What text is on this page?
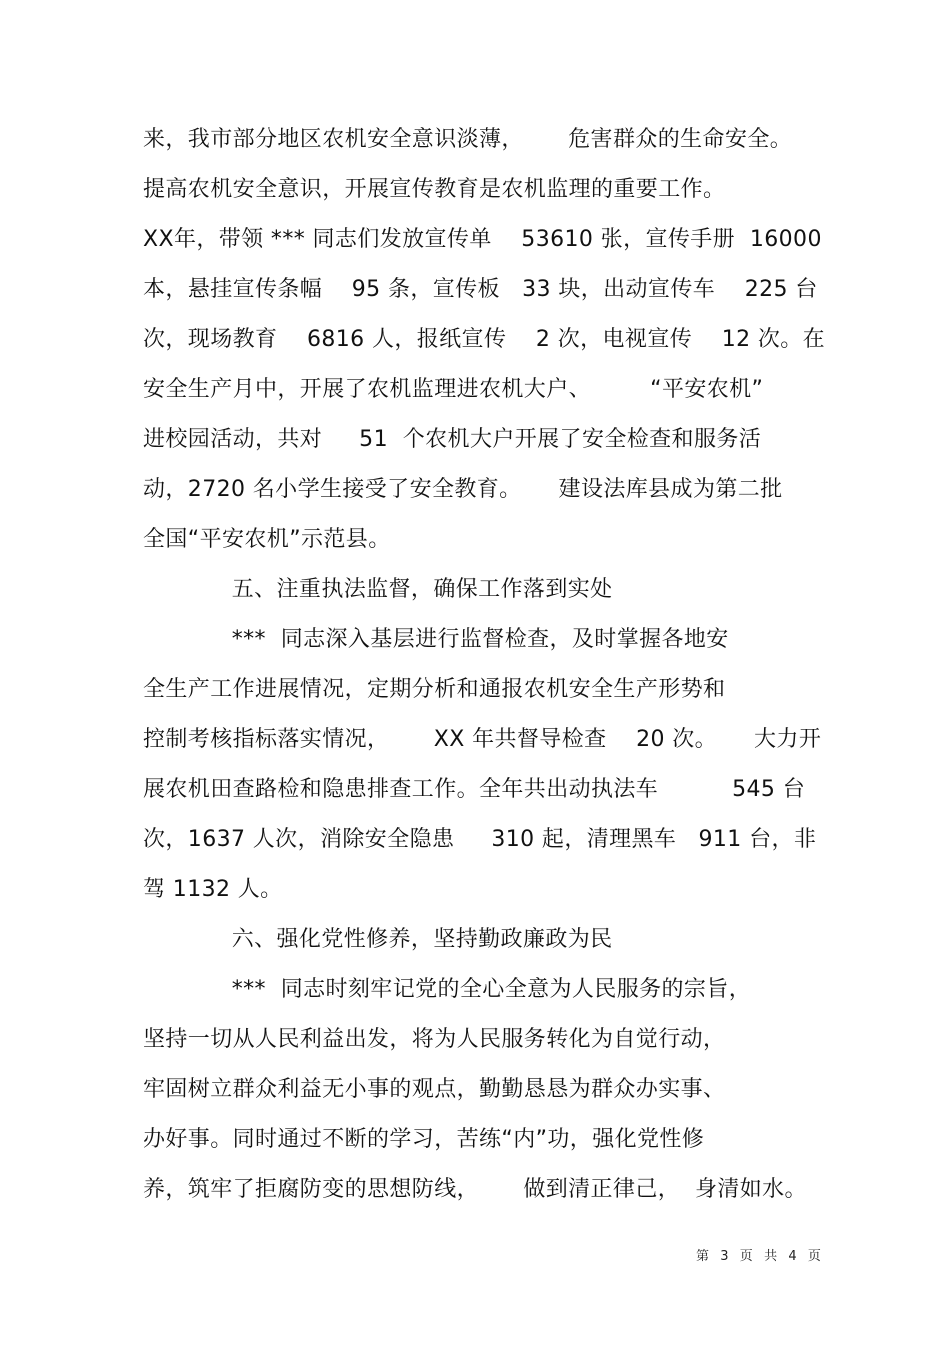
来，我市部分地区农机安全意识淡薄，      危害群众的生命安全。
提高农机安全意识，开展宣传教育是农机监理的重要工作。
XX年，带领 *** 同志们发放宣传单    53610 张，宣传手册  16000
本，悬挂宣传条幅    95 条，宣传板   33 块，出动宣传车    225 台
次，现场教育    6816 人，报纸宣传    2 次，电视宣传    12 次。在
安全生产月中，开展了农机监理进农机大户、        “平安农机”
进校园活动，共对     51  个农机大户开展了安全检查和服务活
动，2720 名小学生接受了安全教育。     建设法库县成为第二批
全国“平安农机”示范县。
五、注重执法监督，确保工作落到实处
***  同志深入基层进行监督检查，及时掌握各地安
全生产工作进展情况，定期分析和通报农机安全生产形势和
控制考核指标落实情况，      XX 年共督导检查    20 次。     大力开
展农机田查路检和隐患排查工作。全年共出动执法车          545 台
次，1637 人次，消除安全隐患     310 起，清理黑车   911 台，非
驾 1132 人。
六、强化党性修养，坚持勤政廉政为民
***  同志时刻牢记党的全心全意为人民服务的宗旨，
坚持一切从人民利益出发，将为人民服务转化为自觉行动，
牢固树立群众利益无小事的观点，勤勤恳恳为群众办实事、
办好事。同时通过不断的学习，苦练“内”功，强化党性修
养，筑牢了拒腐防变的思想防线，      做到清正律己，  身清如水。
第  3  页  共  4  页
